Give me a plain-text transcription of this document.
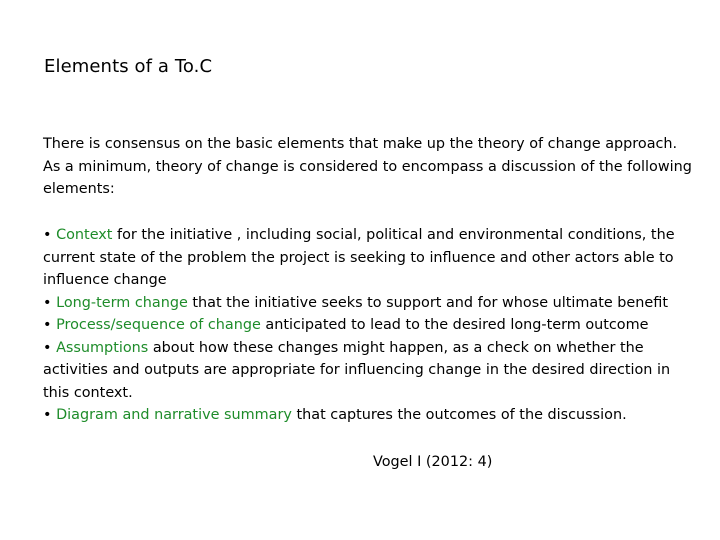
Elements of a To.C
There is consensus on the basic elements that make up the theory of change approach. As a minimum, theory of change is considered to encompass a discussion of the following elements:

• Context for the initiative , including social, political and environmental conditions, the current state of the problem the project is seeking to influence and other actors able to influence change

• Long-term change that the initiative seeks to support and for whose ultimate benefit

• Process/sequence of change anticipated to lead to the desired long-term outcome

• Assumptions about how these changes might happen, as a check on whether the activities and outputs are appropriate for influencing change in the desired direction in this context.

• Diagram and narrative summary that captures the outcomes of the discussion.

Vogel I (2012: 4)
